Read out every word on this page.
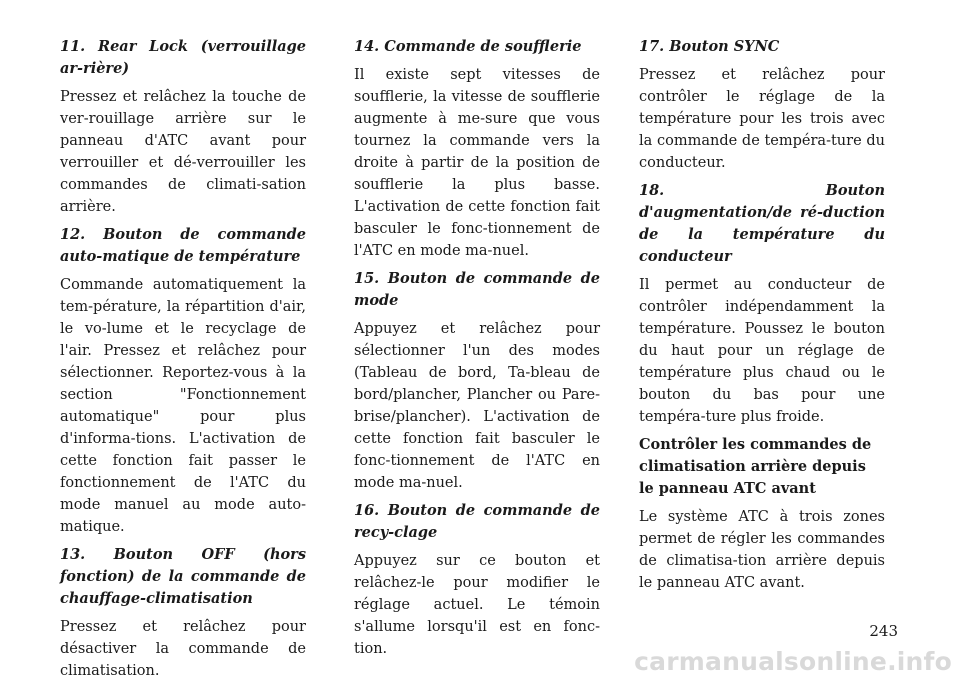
11. Rear Lock (verrouillage ar-rière)
Pressez et relâchez la touche de ver-rouillage arrière sur le panneau d'ATC avant pour verrouiller et dé-verrouiller les commandes de climati-sation arrière.
12. Bouton de commande auto-matique de température
Commande automatiquement la tem-pérature, la répartition d'air, le vo-lume et le recyclage de l'air. Pressez et relâchez pour sélectionner. Reportez-vous à la section "Fonctionnement automatique" pour plus d'informa-tions. L'activation de cette fonction fait passer le fonctionnement de l'ATC du mode manuel au mode auto-matique.
13. Bouton OFF (hors fonction) de la commande de chauffage-climatisation
Pressez et relâchez pour désactiver la commande de climatisation.
14. Commande de soufflerie
Il existe sept vitesses de soufflerie, la vitesse de soufflerie augmente à me-sure que vous tournez la commande vers la droite à partir de la position de soufflerie la plus basse. L'activation de cette fonction fait basculer le fonc-tionnement de l'ATC en mode ma-nuel.
15. Bouton de commande de mode
Appuyez et relâchez pour sélectionner l'un des modes (Tableau de bord, Ta-bleau de bord/plancher, Plancher ou Pare-brise/plancher). L'activation de cette fonction fait basculer le fonc-tionnement de l'ATC en mode ma-nuel.
16. Bouton de commande de recy-clage
Appuyez sur ce bouton et relâchez-le pour modifier le réglage actuel. Le témoin s'allume lorsqu'il est en fonc-tion.
17. Bouton SYNC
Pressez et relâchez pour contrôler le réglage de la température pour les trois avec la commande de tempéra-ture du conducteur.
18. Bouton d'augmentation/de ré-duction de la température du conducteur
Il permet au conducteur de contrôler indépendamment la température. Poussez le bouton du haut pour un réglage de température plus chaud ou le bouton du bas pour une tempéra-ture plus froide.
Contrôler les commandes de climatisation arrière depuis le panneau ATC avant
Le système ATC à trois zones permet de régler les commandes de climatisa-tion arrière depuis le panneau ATC avant.
243
carmanualsonline.info
